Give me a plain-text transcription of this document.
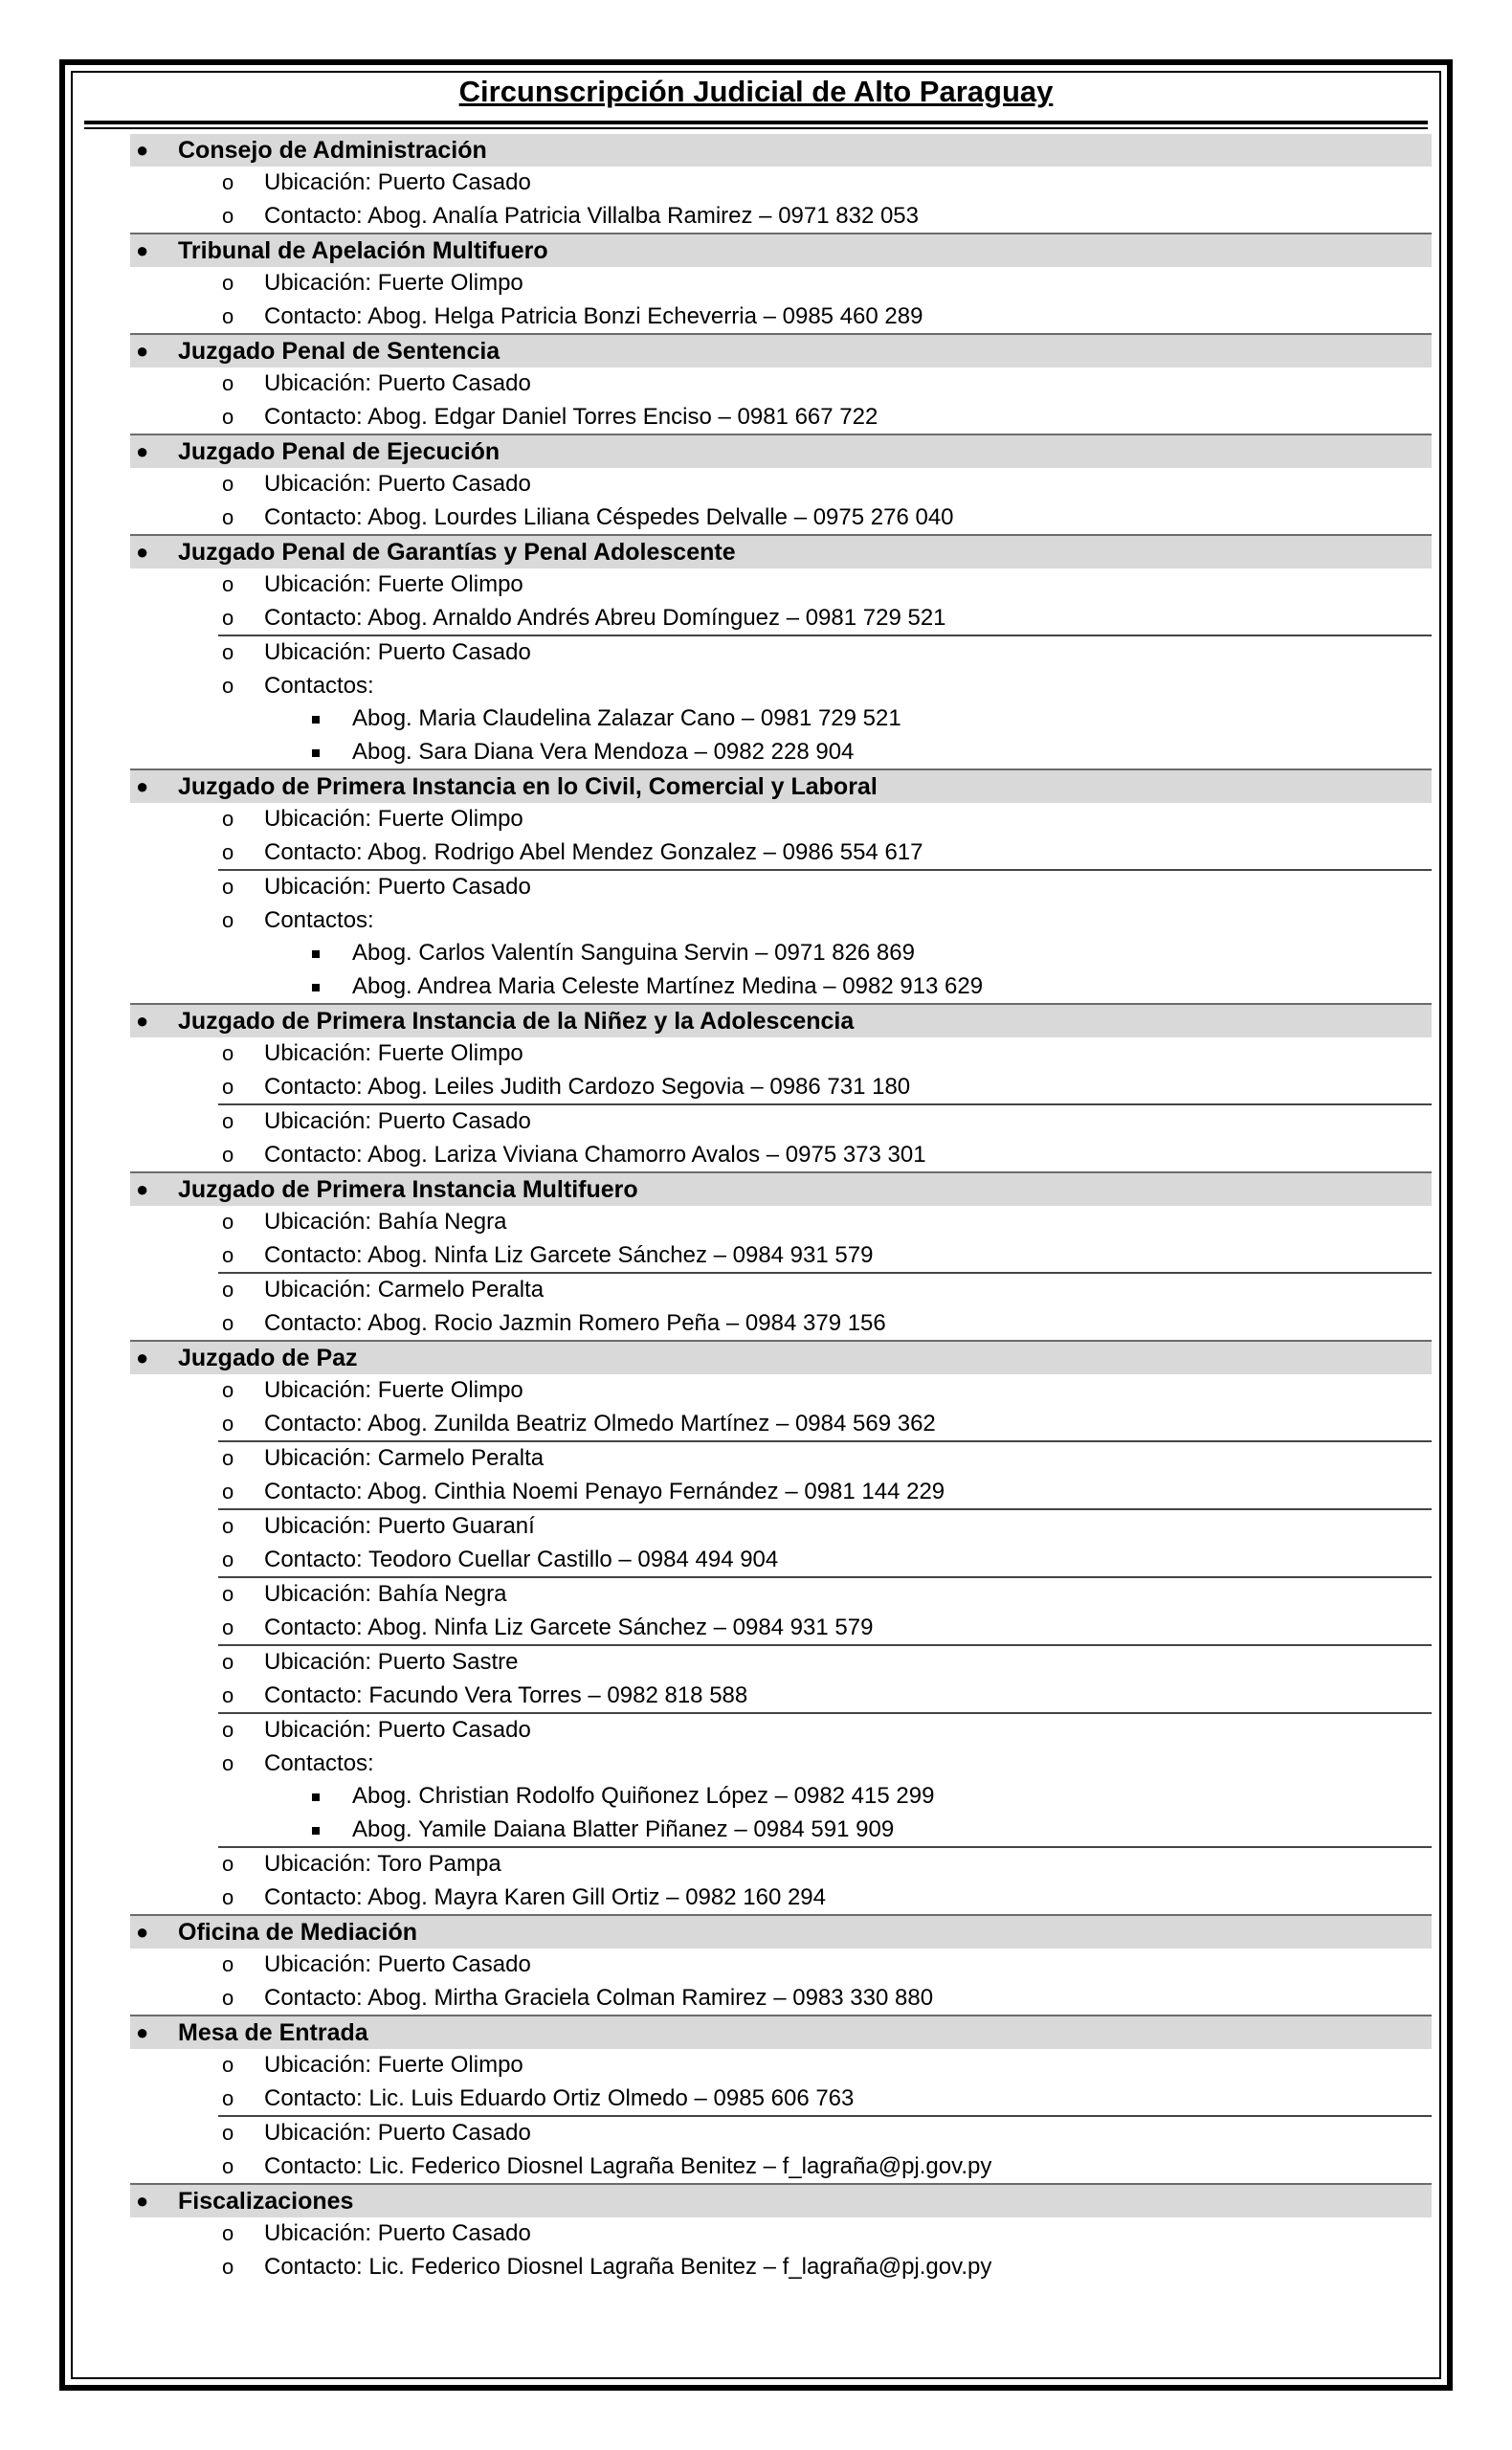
Circunscripción Judicial de Alto Paraguay
● Consejo de Administración
o Ubicación: Puerto Casado
o Contacto: Abog. Analía Patricia Villalba Ramirez – 0971 832 053
● Tribunal de Apelación Multifuero
o Ubicación: Fuerte Olimpo
o Contacto: Abog. Helga Patricia Bonzi Echeverria – 0985 460 289
● Juzgado Penal de Sentencia
o Ubicación: Puerto Casado
o Contacto: Abog. Edgar Daniel Torres Enciso – 0981 667 722
● Juzgado Penal de Ejecución
o Ubicación: Puerto Casado
o Contacto: Abog. Lourdes Liliana Céspedes Delvalle – 0975 276 040
● Juzgado Penal de Garantías y Penal Adolescente
o Ubicación: Fuerte Olimpo
o Contacto: Abog. Arnaldo Andrés Abreu Domínguez – 0981 729 521
o Ubicación: Puerto Casado
o Contactos:
Abog. Maria Claudelina Zalazar Cano – 0981 729 521
Abog. Sara Diana Vera Mendoza – 0982 228 904
● Juzgado de Primera Instancia en lo Civil, Comercial y Laboral
o Ubicación: Fuerte Olimpo
o Contacto: Abog. Rodrigo Abel Mendez Gonzalez – 0986 554 617
o Ubicación: Puerto Casado
o Contactos:
Abog. Carlos Valentín Sanguina Servin – 0971 826 869
Abog. Andrea Maria Celeste Martínez Medina – 0982 913 629
● Juzgado de Primera Instancia de la Niñez y la Adolescencia
o Ubicación: Fuerte Olimpo
o Contacto: Abog. Leiles Judith Cardozo Segovia – 0986 731 180
o Ubicación: Puerto Casado
o Contacto: Abog. Lariza Viviana Chamorro Avalos – 0975 373 301
● Juzgado de Primera Instancia Multifuero
o Ubicación: Bahía Negra
o Contacto: Abog. Ninfa Liz Garcete Sánchez – 0984 931 579
o Ubicación: Carmelo Peralta
o Contacto: Abog. Rocio Jazmin Romero Peña – 0984 379 156
● Juzgado de Paz
o Ubicación: Fuerte Olimpo
o Contacto: Abog. Zunilda Beatriz Olmedo Martínez – 0984 569 362
o Ubicación: Carmelo Peralta
o Contacto: Abog. Cinthia Noemi Penayo Fernández – 0981 144 229
o Ubicación: Puerto Guaraní
o Contacto: Teodoro Cuellar Castillo – 0984 494 904
o Ubicación: Bahía Negra
o Contacto: Abog. Ninfa Liz Garcete Sánchez – 0984 931 579
o Ubicación: Puerto Sastre
o Contacto: Facundo Vera Torres – 0982 818 588
o Ubicación: Puerto Casado
o Contactos:
Abog. Christian Rodolfo Quiñonez López – 0982 415 299
Abog. Yamile Daiana Blatter Piñanez – 0984 591 909
o Ubicación: Toro Pampa
o Contacto: Abog. Mayra Karen Gill Ortiz – 0982 160 294
● Oficina de Mediación
o Ubicación: Puerto Casado
o Contacto: Abog. Mirtha Graciela Colman Ramirez – 0983 330 880
● Mesa de Entrada
o Ubicación: Fuerte Olimpo
o Contacto: Lic. Luis Eduardo Ortiz Olmedo – 0985 606 763
o Ubicación: Puerto Casado
o Contacto: Lic. Federico Diosnel Lagraña Benitez – f_lagraña@pj.gov.py
● Fiscalizaciones
o Ubicación: Puerto Casado
o Contacto: Lic. Federico Diosnel Lagraña Benitez – f_lagraña@pj.gov.py
